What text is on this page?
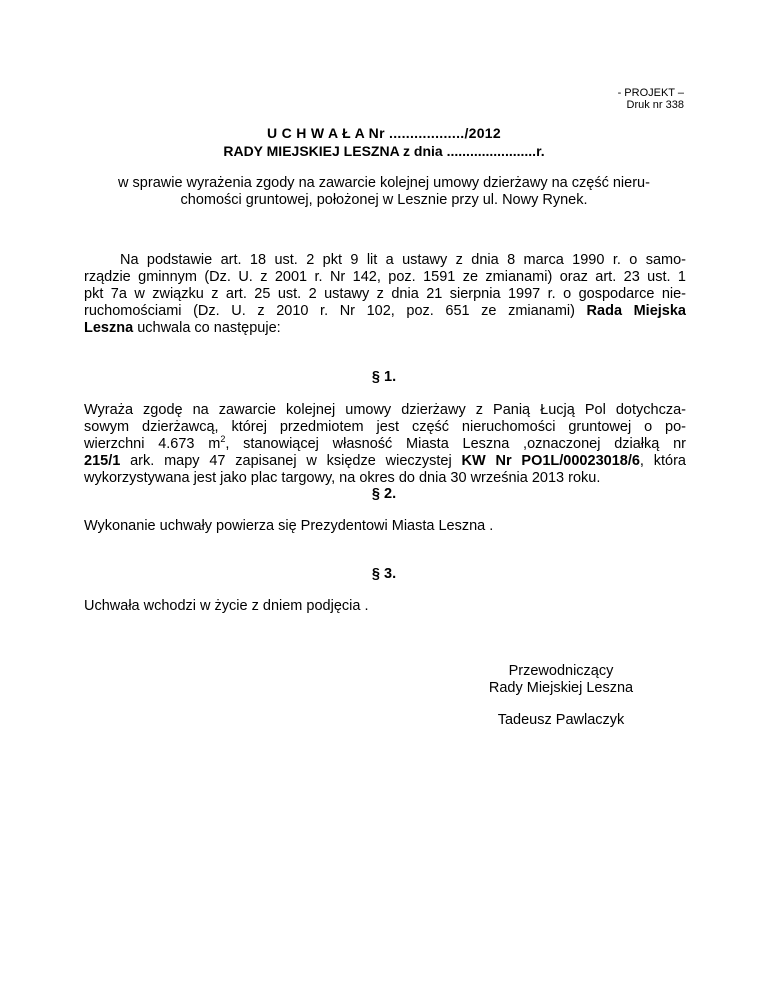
- PROJEKT –
Druk nr 338
U C H W A Ł A Nr ................../2012
RADY MIEJSKIEJ LESZNA z dnia .......................r.
w sprawie wyrażenia zgody na zawarcie kolejnej umowy dzierżawy na część nieru-
chomości gruntowej, położonej w Lesznie przy ul. Nowy Rynek.
Na podstawie art. 18 ust. 2 pkt 9 lit a ustawy z dnia 8 marca 1990 r. o samo-
rządzie gminnym (Dz. U. z 2001 r. Nr 142, poz. 1591 ze zmianami) oraz art. 23 ust. 1
pkt 7a w związku z art. 25 ust. 2 ustawy z dnia 21 sierpnia 1997 r. o gospodarce nie-
ruchomościami (Dz. U. z 2010 r. Nr 102, poz. 651 ze zmianami) Rada Miejska
Leszna uchwala co następuje:
§ 1.
Wyraża zgodę na zawarcie kolejnej umowy dzierżawy z Panią Łucją Pol dotychcza-
sowym dzierżawcą, której przedmiotem jest część nieruchomości gruntowej o po-
wierzchni 4.673 $m^2$, stanowiącej własność Miasta Leszna ,oznaczonej działką nr
215/1 ark. mapy 47 zapisanej w księdze wieczystej KW Nr PO1L/00023018/6, która
wykorzystywana jest jako plac targowy, na okres do dnia 30 września 2013 roku.
§ 2.
Wykonanie uchwały powierza się Prezydentowi Miasta Leszna .
§ 3.
Uchwała wchodzi w życie z dniem podjęcia .
Przewodniczący
Rady Miejskiej Leszna
Tadeusz Pawlaczyk
